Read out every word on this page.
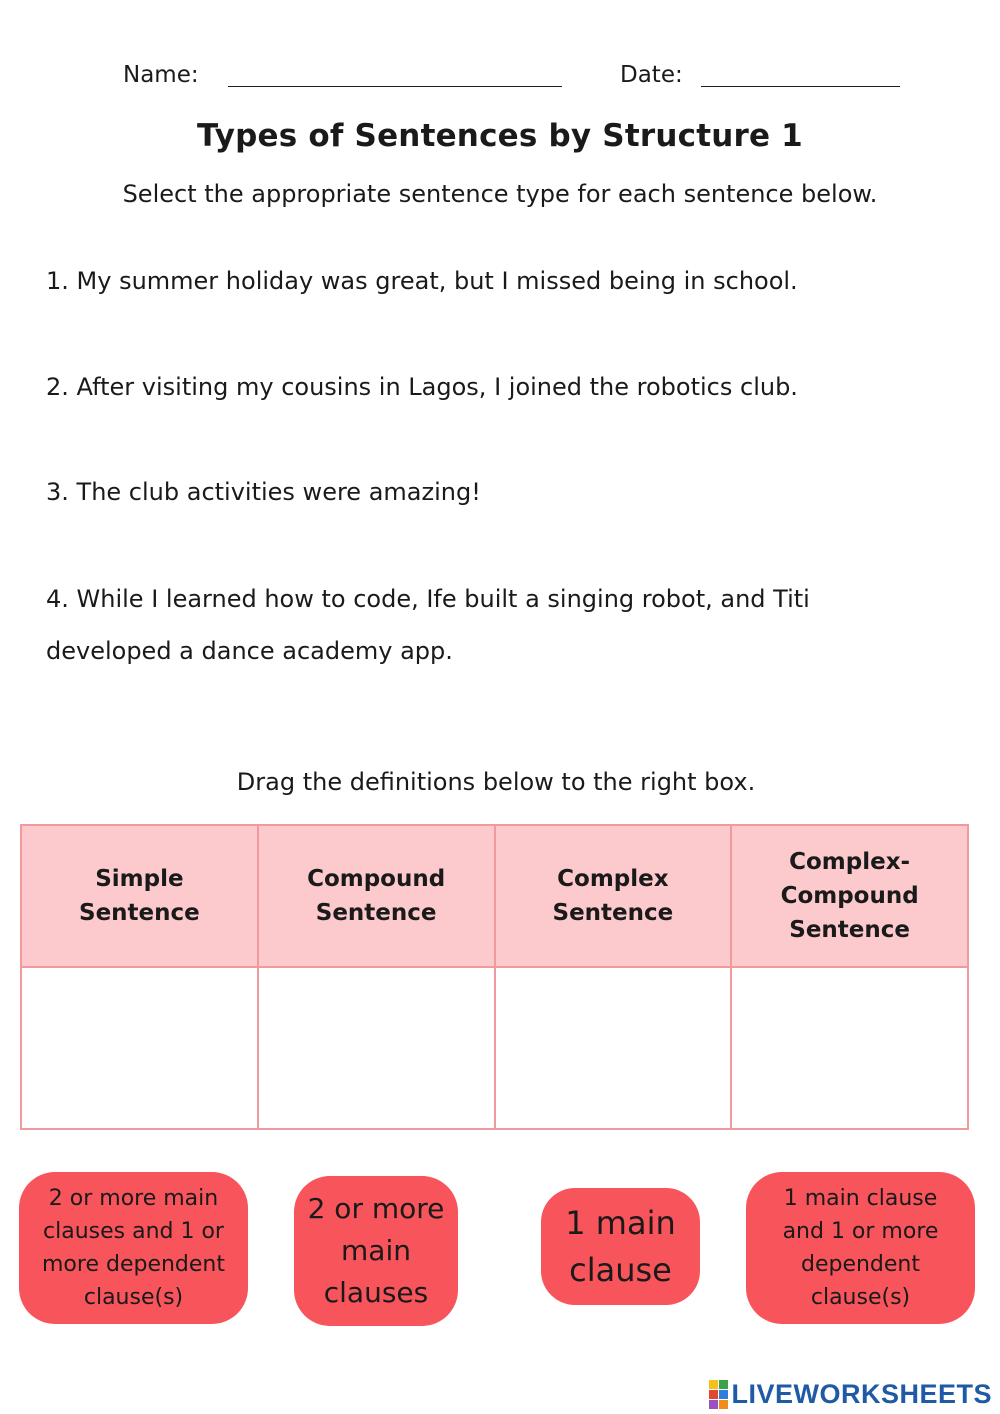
Name:	Date:
Types of Sentences by Structure 1
Select the appropriate sentence type for each sentence below.
1. My summer holiday was great, but I missed being in school.
2. After visiting my cousins in Lagos, I joined the robotics club.
3. The club activities were amazing!
4. While I learned how to code, Ife built a singing robot, and Titi developed a dance academy app.
Drag the definitions below to the right box.
Simple Sentence	Compound Sentence	Complex Sentence	Complex-Compound Sentence

2 or more main clauses and 1 or more dependent clause(s)
2 or more main clauses
1 main clause
1 main clause and 1 or more dependent clause(s)
LIVEWORKSHEETS
